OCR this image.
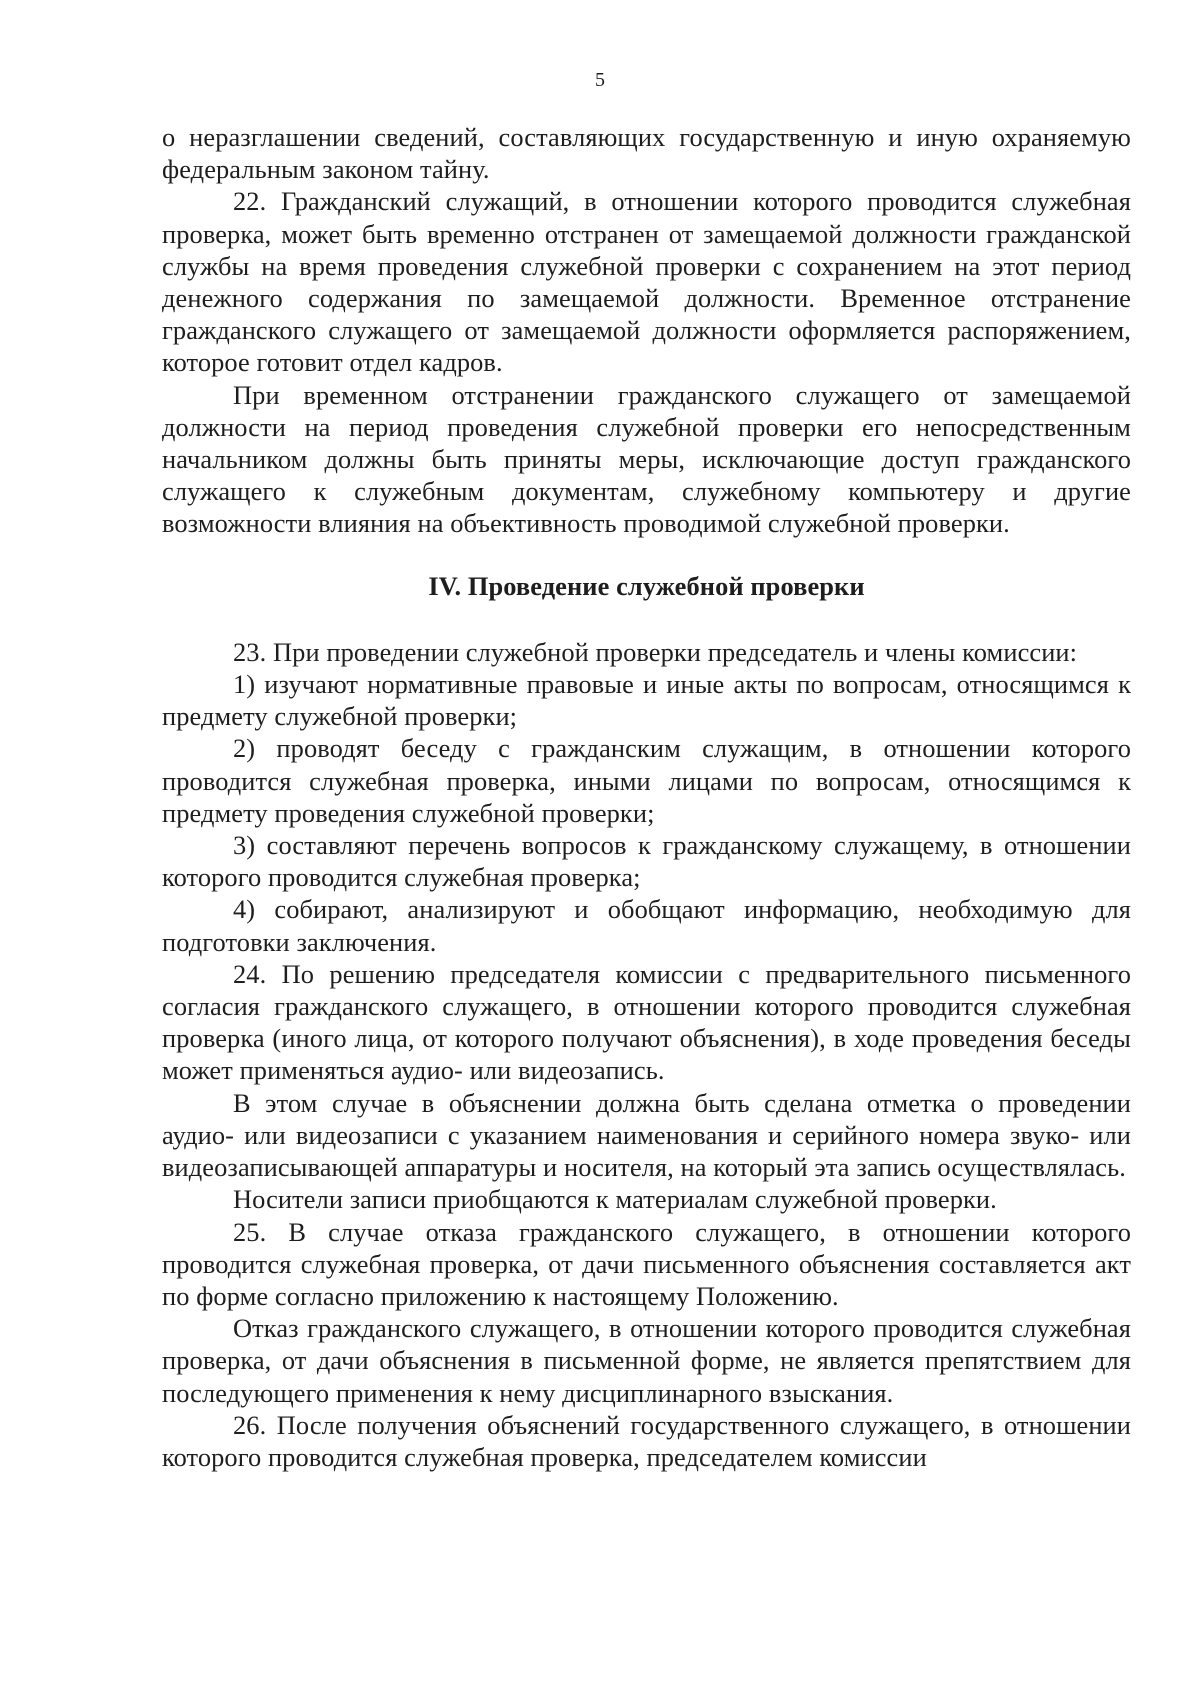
5

о неразглашении сведений, составляющих государственную и иную охраняемую федеральным законом тайну.

22. Гражданский служащий, в отношении которого проводится служебная проверка, может быть временно отстранен от замещаемой должности гражданской службы на время проведения служебной проверки с сохранением на этот период денежного содержания по замещаемой должности. Временное отстранение гражданского служащего от замещаемой должности оформляется распоряжением, которое готовит отдел кадров.

При временном отстранении гражданского служащего от замещаемой должности на период проведения служебной проверки его непосредственным начальником должны быть приняты меры, исключающие доступ гражданского служащего к служебным документам, служебному компьютеру и другие возможности влияния на объективность проводимой служебной проверки.

IV. Проведение служебной проверки

23. При проведении служебной проверки председатель и члены комиссии:

1) изучают нормативные правовые и иные акты по вопросам, относящимся к предмету служебной проверки;

2) проводят беседу с гражданским служащим, в отношении которого проводится служебная проверка, иными лицами по вопросам, относящимся к предмету проведения служебной проверки;

3) составляют перечень вопросов к гражданскому служащему, в отношении которого проводится служебная проверка;

4) собирают, анализируют и обобщают информацию, необходимую для подготовки заключения.

24. По решению председателя комиссии с предварительного письменного согласия гражданского служащего, в отношении которого проводится служебная проверка (иного лица, от которого получают объяснения), в ходе проведения беседы может применяться аудио- или видеозапись.

В этом случае в объяснении должна быть сделана отметка о проведении аудио- или видеозаписи с указанием наименования и серийного номера звуко- или видеозаписывающей аппаратуры и носителя, на который эта запись осуществлялась.

Носители записи приобщаются к материалам служебной проверки.

25. В случае отказа гражданского служащего, в отношении которого проводится служебная проверка, от дачи письменного объяснения составляется акт по форме согласно приложению к настоящему Положению.

Отказ гражданского служащего, в отношении которого проводится служебная проверка, от дачи объяснения в письменной форме, не является препятствием для последующего применения к нему дисциплинарного взыскания.

26. После получения объяснений государственного служащего, в отношении которого проводится служебная проверка, председателем комиссии
